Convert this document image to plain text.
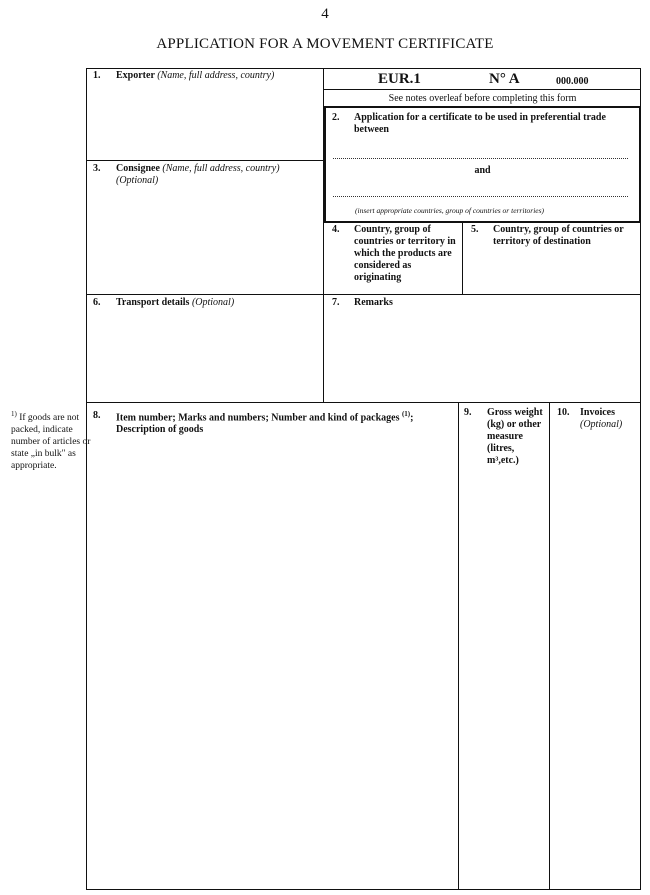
4
APPLICATION FOR A MOVEMENT CERTIFICATE
EUR.1	N° A	000.000
See notes overleaf before completing this form
1. Exporter (Name, full address, country)
2. Application for a certificate to be used in preferential trade between
and
(insert appropriate countries, group of countries or territories)
3. Consignee (Name, full address, country)
(Optional)
4. Country, group of countries or territory in which the products are considered as originating
5. Country, group of countries or territory of destination
6. Transport details (Optional)	7. Remarks
8. Item number; Marks and numbers; Number and kind of packages $^{(1)}$;
Description of goods
9. Gross weight (kg) or other measure (litres, m³,etc.)
10. Invoices
(Optional)
$^{1)}$ If goods are not packed, indicate number of articles or state „in bulk" as appropriate.
